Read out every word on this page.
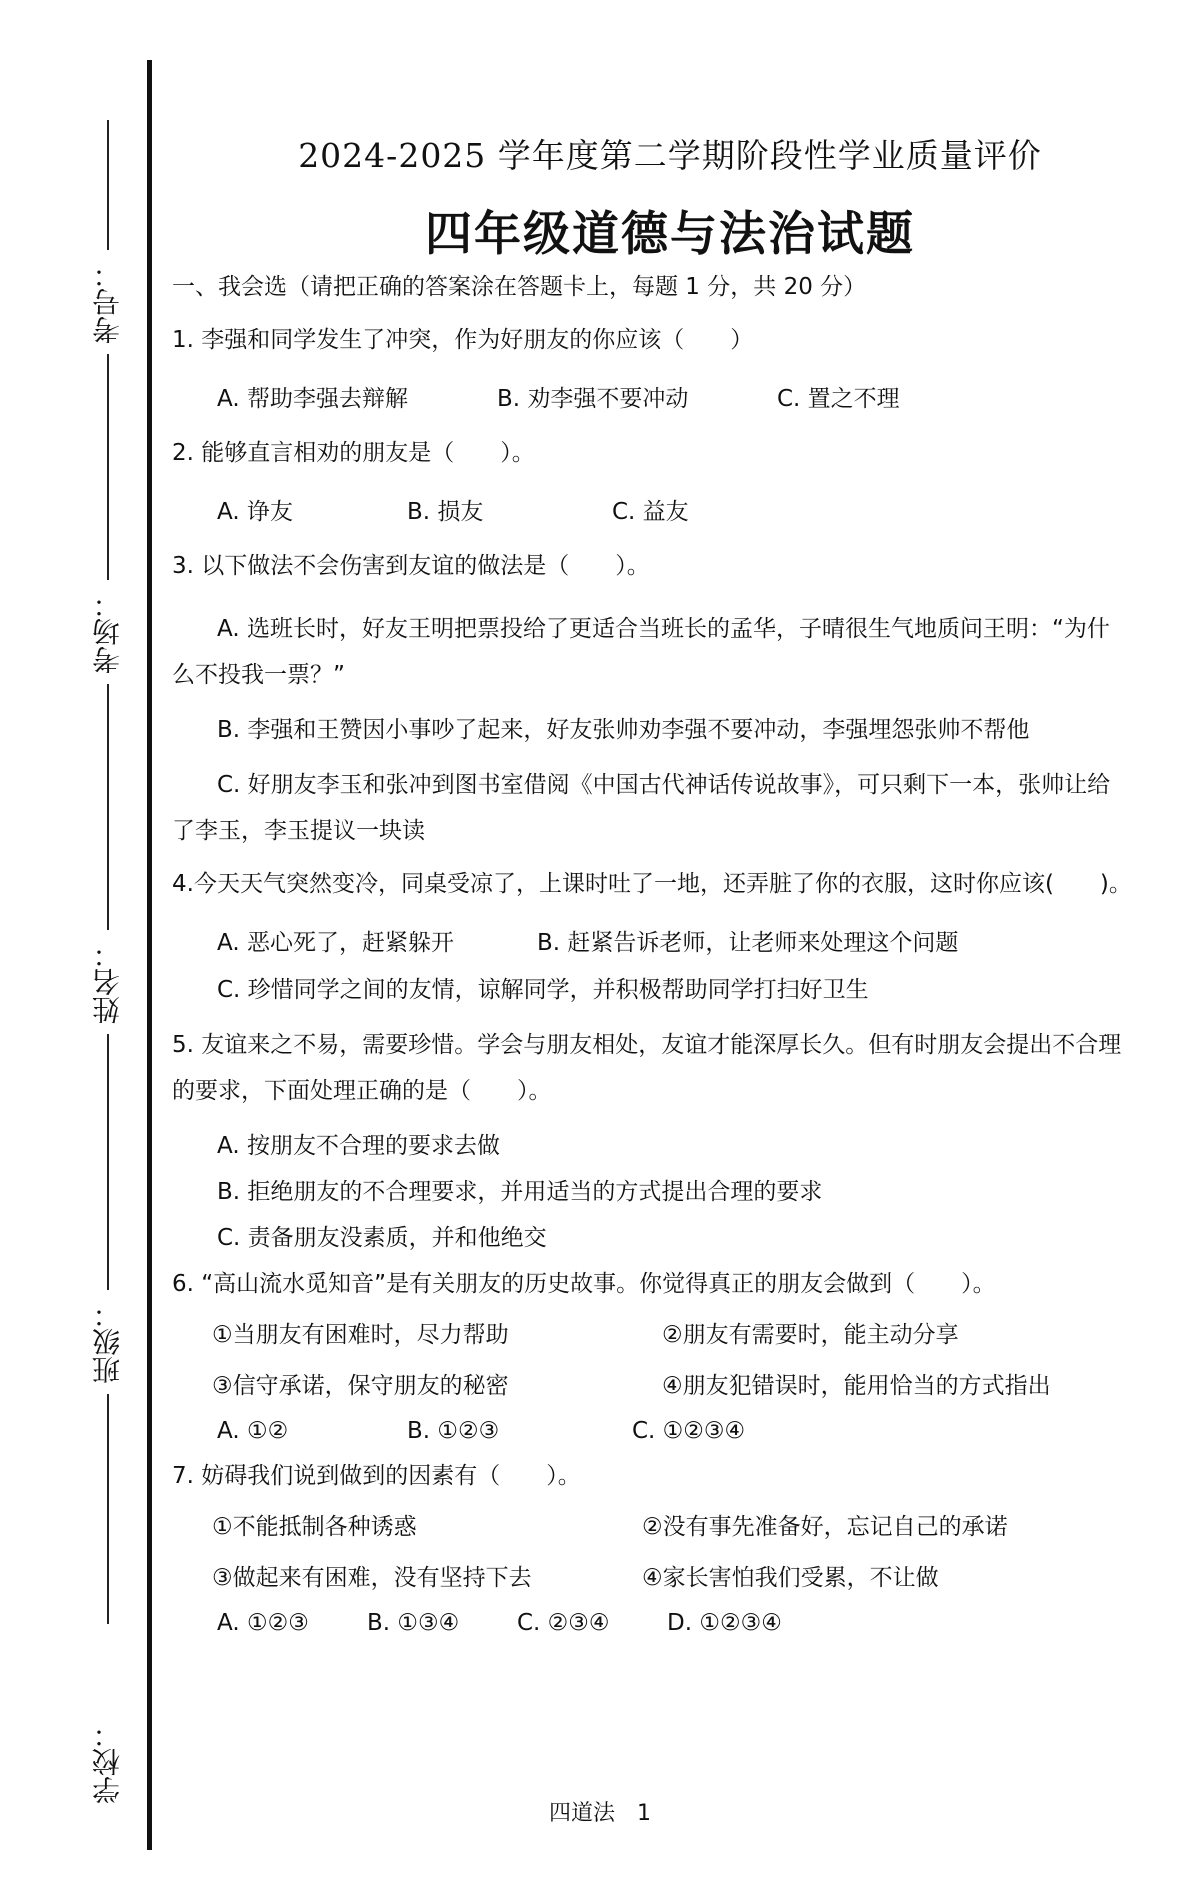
考号：
考场：
姓名：
班级：
学校：
2024-2025 学年度第二学期阶段性学业质量评价
四年级道德与法治试题
一、我会选（请把正确的答案涂在答题卡上，每题 1 分，共 20 分）
1. 李强和同学发生了冲突，作为好朋友的你应该（　　）
A. 帮助李强去辩解	B. 劝李强不要冲动	C. 置之不理
2. 能够直言相劝的朋友是（　　）。
A. 诤友	B. 损友	C. 益友
3. 以下做法不会伤害到友谊的做法是（　　）。
A. 选班长时，好友王明把票投给了更适合当班长的孟华，子晴很生气地质问王明：“为什么不投我一票？”
B. 李强和王赞因小事吵了起来，好友张帅劝李强不要冲动，李强埋怨张帅不帮他
C. 好朋友李玉和张冲到图书室借阅《中国古代神话传说故事》，可只剩下一本，张帅让给了李玉，李玉提议一块读
4.今天天气突然变冷，同桌受凉了，上课时吐了一地，还弄脏了你的衣服，这时你应该(　　)。
A. 恶心死了，赶紧躲开	B. 赶紧告诉老师，让老师来处理这个问题
C. 珍惜同学之间的友情，谅解同学，并积极帮助同学打扫好卫生
5. 友谊来之不易，需要珍惜。学会与朋友相处，友谊才能深厚长久。但有时朋友会提出不合理的要求，下面处理正确的是（　　）。
A. 按朋友不合理的要求去做
B. 拒绝朋友的不合理要求，并用适当的方式提出合理的要求
C. 责备朋友没素质，并和他绝交
6. “高山流水觅知音”是有关朋友的历史故事。你觉得真正的朋友会做到（　　）。
①当朋友有困难时，尽力帮助	②朋友有需要时，能主动分享
③信守承诺，保守朋友的秘密	④朋友犯错误时，能用恰当的方式指出
A. ①②	B. ①②③	C. ①②③④
7. 妨碍我们说到做到的因素有（　　）。
①不能抵制各种诱惑	②没有事先准备好，忘记自己的承诺
③做起来有困难，没有坚持下去	④家长害怕我们受累，不让做
A. ①②③	B. ①③④	C. ②③④	D. ①②③④
四道法　1
